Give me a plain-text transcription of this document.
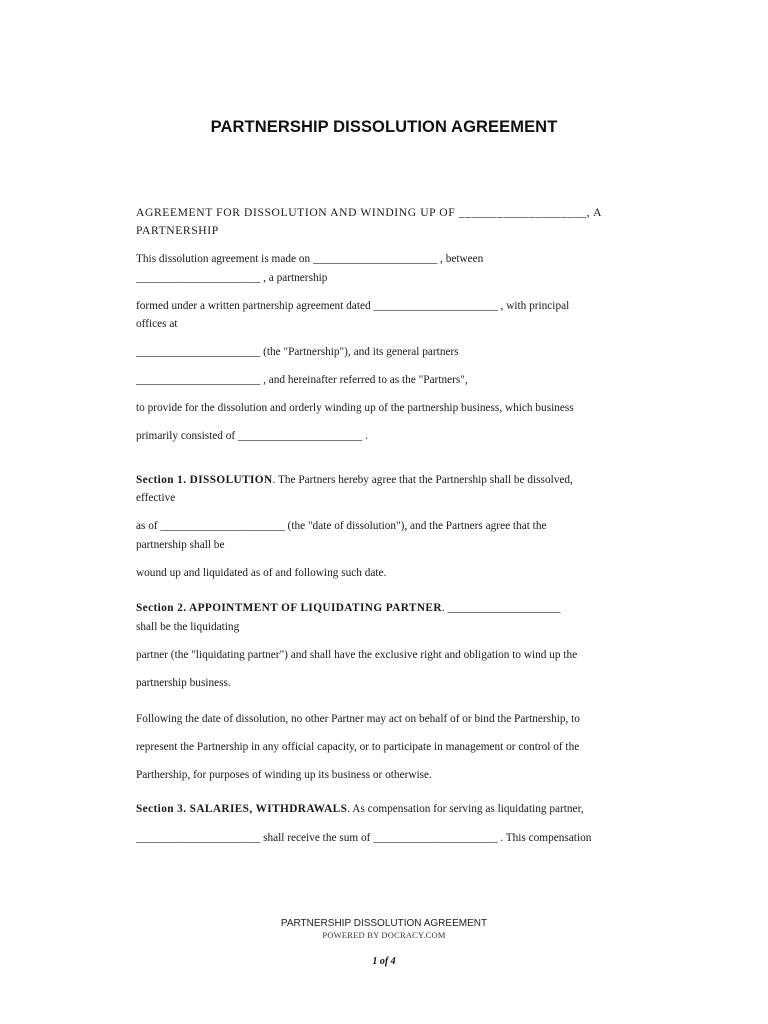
PARTNERSHIP DISSOLUTION AGREEMENT
AGREEMENT FOR DISSOLUTION AND WINDING UP OF ____________________, A
PARTNERSHIP
This dissolution agreement is made on ______________________ , between
______________________ , a partnership
formed under a written partnership agreement dated ______________________ , with principal
offices at
______________________ (the "Partnership"), and its general partners
______________________ , and hereinafter referred to as the "Partners",
to provide for the dissolution and orderly winding up of the partnership business, which business
primarily consisted of ______________________ .
Section 1. DISSOLUTION. The Partners hereby agree that the Partnership shall be dissolved,
effective
as of ______________________ (the "date of dissolution"), and the Partners agree that the
partnership shall be
wound up and liquidated as of and following such date.
Section 2. APPOINTMENT OF LIQUIDATING PARTNER. ____________________
shall be the liquidating
partner (the "liquidating partner") and shall have the exclusive right and obligation to wind up the
partnership business.
Following the date of dissolution, no other Partner may act on behalf of or bind the Partnership, to
represent the Partnership in any official capacity, or to participate in management or control of the
Parthership, for purposes of winding up its business or otherwise.
Section 3. SALARIES, WITHDRAWALS. As compensation for serving as liquidating partner,
______________________ shall receive the sum of ______________________ . This compensation
PARTNERSHIP DISSOLUTION AGREEMENT
POWERED BY DOCRACY.COM
1 of 4
